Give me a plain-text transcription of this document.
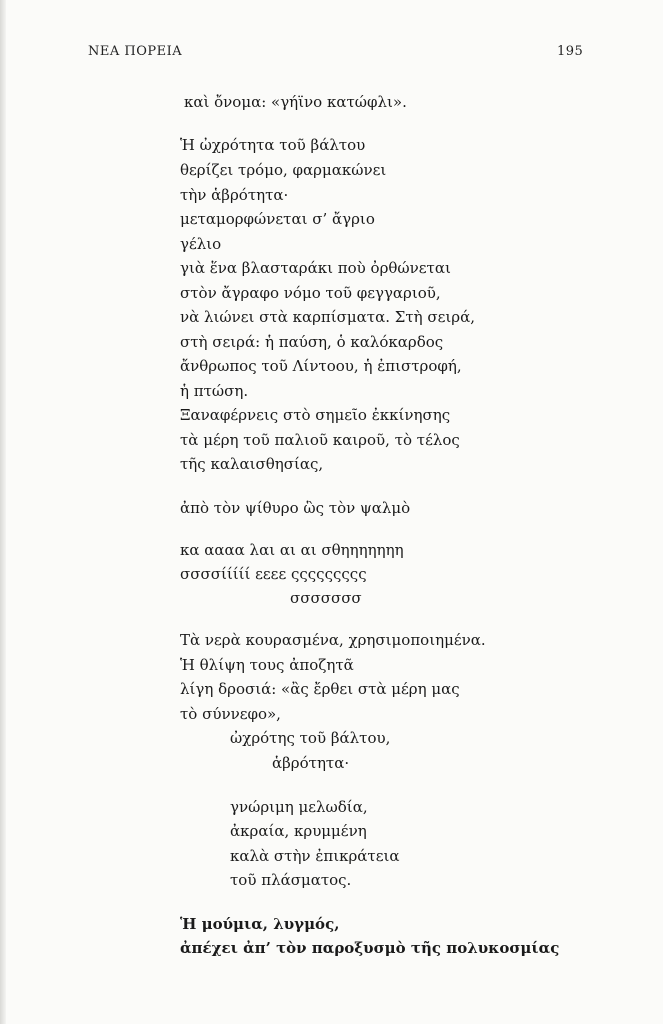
ΝΕΑ ΠΟΡΕΙΑ	195
καὶ ὄνομα: «γήϊνο κατώφλι».
Ἡ ὠχρότητα τοῦ βάλτου
θερίζει τρόμο, φαρμακώνει
τὴν ἁβρότητα·
μεταμορφώνεται σ’ ἄγριο
γέλιο
γιὰ ἕνα βλασταράκι ποὺ ὀρθώνεται
στὸν ἄγραφο νόμο τοῦ φεγγαριοῦ,
νὰ λιώνει στὰ καρπίσματα. Στὴ σειρά,
στὴ σειρά: ἡ παύση, ὁ καλόκαρδος
ἄνθρωπος τοῦ Λίντοου, ἡ ἐπιστροφή,
ἡ πτώση.
Ξαναφέρνεις στὸ σημεῖο ἐκκίνησης
τὰ μέρη τοῦ παλιοῦ καιροῦ, τὸ τέλος
τῆς καλαισθησίας,
ἀπὸ τὸν ψίθυρο ὣς τὸν ψαλμὸ
κα αααα λαι αι αι σθηηηηηηη
σσσσίίίίί εεεε ςςςςςςςςς
σσσσσσσ
Τὰ νερὰ κουρασμένα, χρησιμοποιημένα.
Ἡ θλίψη τους ἀποζητᾶ
λίγη δροσιά: «ἂς ἔρθει στὰ μέρη μας
τὸ σύννεφο»,
ὠχρότης τοῦ βάλτου,
ἁβρότητα·
γνώριμη μελωδία,
ἀκραία, κρυμμένη
καλὰ στὴν ἐπικράτεια
τοῦ πλάσματος.
Ἡ μούμια, λυγμός,
ἀπέχει ἀπ’ τὸν παροξυσμὸ τῆς πολυκοσμίας
